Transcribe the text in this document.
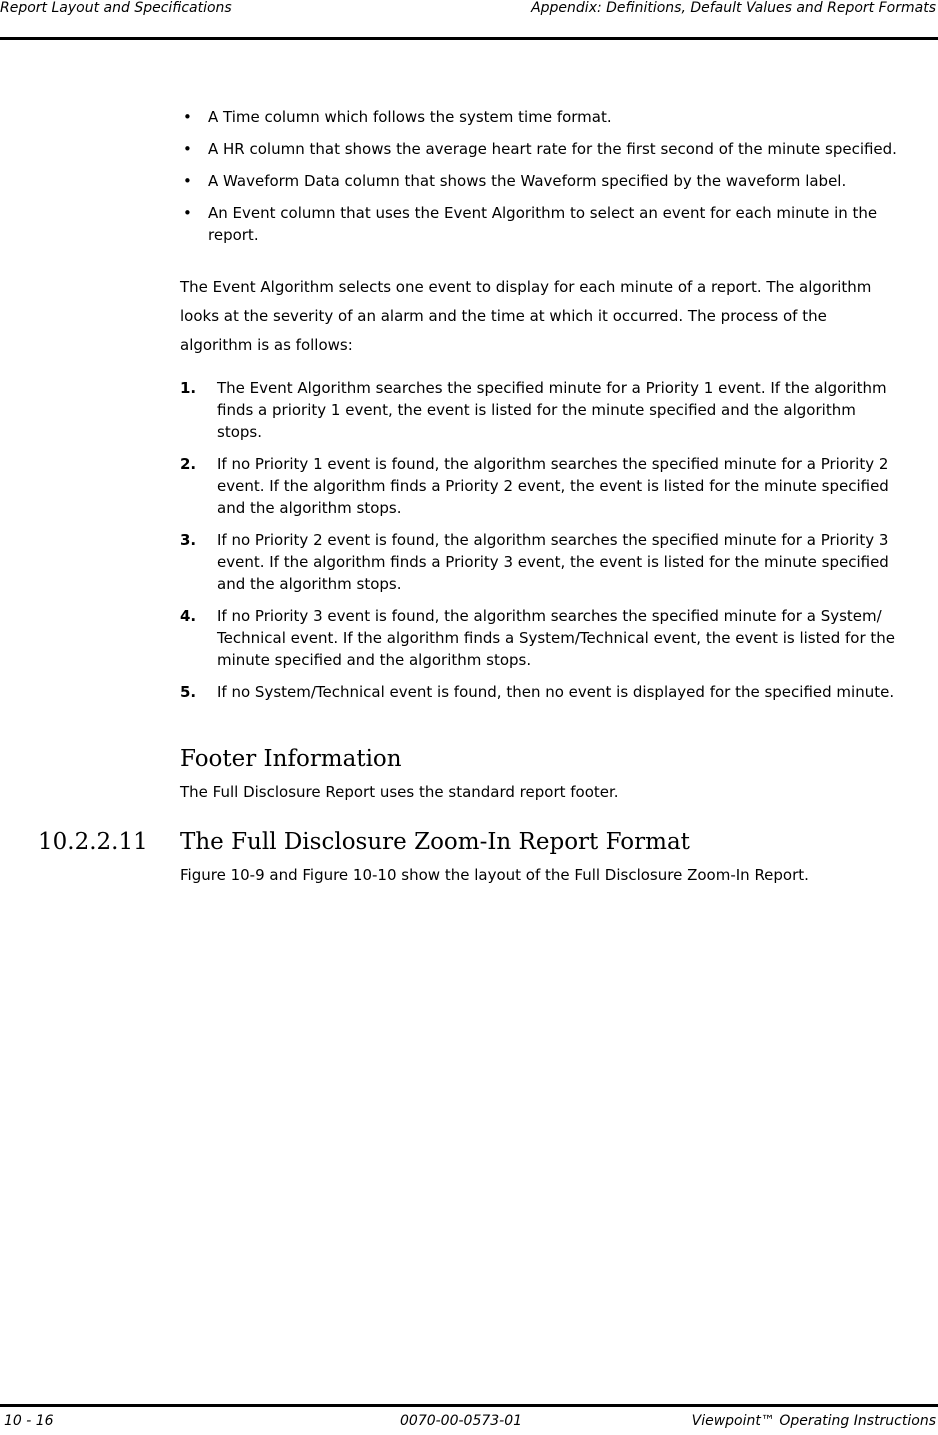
Report Layout and Specifications	Appendix: Definitions, Default Values and Report Formats
• A Time column which follows the system time format.
• A HR column that shows the average heart rate for the first second of the minute specified.
• A Waveform Data column that shows the Waveform specified by the waveform label.
• An Event column that uses the Event Algorithm to select an event for each minute in the report.

The Event Algorithm selects one event to display for each minute of a report. The algorithm looks at the severity of an alarm and the time at which it occurred. The process of the algorithm is as follows:

1. The Event Algorithm searches the specified minute for a Priority 1 event. If the algorithm finds a priority 1 event, the event is listed for the minute specified and the algorithm stops.
2. If no Priority 1 event is found, the algorithm searches the specified minute for a Priority 2 event. If the algorithm finds a Priority 2 event, the event is listed for the minute specified and the algorithm stops.
3. If no Priority 2 event is found, the algorithm searches the specified minute for a Priority 3 event. If the algorithm finds a Priority 3 event, the event is listed for the minute specified and the algorithm stops.
4. If no Priority 3 event is found, the algorithm searches the specified minute for a System/ Technical event. If the algorithm finds a System/Technical event, the event is listed for the minute specified and the algorithm stops.
5. If no System/Technical event is found, then no event is displayed for the specified minute.
Footer Information

The Full Disclosure Report uses the standard report footer.

10.2.2.11 The Full Disclosure Zoom-In Report Format

Figure 10-9 and Figure 10-10 show the layout of the Full Disclosure Zoom-In Report.

10 - 16	0070-00-0573-01	Viewpoint™ Operating Instructions
